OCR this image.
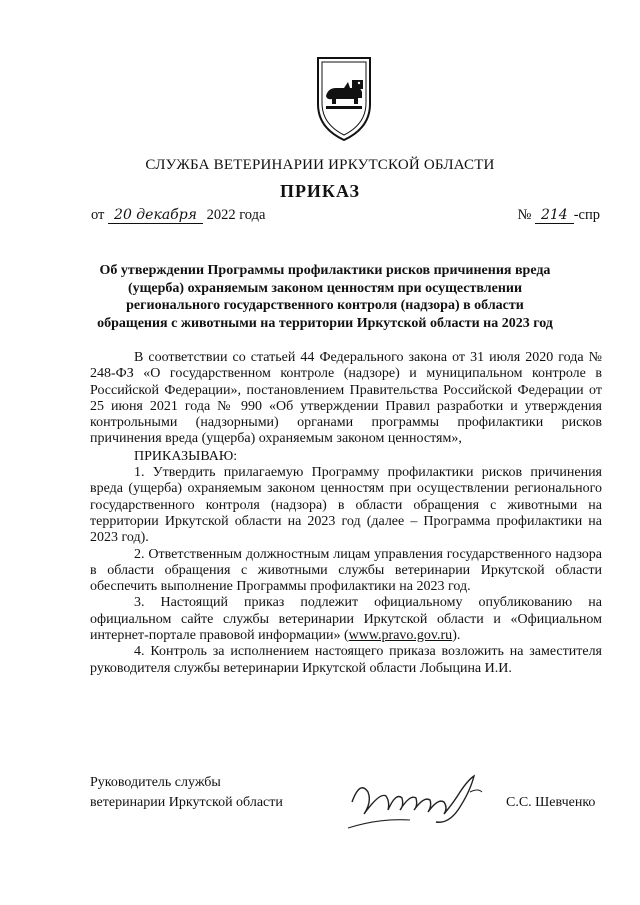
СЛУЖБА ВЕТЕРИНАРИИ ИРКУТСКОЙ ОБЛАСТИ
ПРИКАЗ
от 20 декабря 2022 года	№ 214 -спр
Об утверждении Программы профилактики рисков причинения вреда (ущерба) охраняемым законом ценностям при осуществлении регионального государственного контроля (надзора) в области обращения с животными на территории Иркутской области на 2023 год

В соответствии со статьей 44 Федерального закона от 31 июля 2020 года № 248-ФЗ «О государственном контроле (надзоре) и муниципальном контроле в Российской Федерации», постановлением Правительства Российской Федерации от 25 июня 2021 года № 990 «Об утверждении Правил разработки и утверждения контрольными (надзорными) органами программы профилактики рисков причинения вреда (ущерба) охраняемым законом ценностям»,

ПРИКАЗЫВАЮ:

1. Утвердить прилагаемую Программу профилактики рисков причинения вреда (ущерба) охраняемым законом ценностям при осуществлении регионального государственного контроля (надзора) в области обращения с животными на территории Иркутской области на 2023 год (далее – Программа профилактики на 2023 год).

2. Ответственным должностным лицам управления государственного надзора в области обращения с животными службы ветеринарии Иркутской области обеспечить выполнение Программы профилактики на 2023 год.

3. Настоящий приказ подлежит официальному опубликованию на официальном сайте службы ветеринарии Иркутской области и «Официальном интернет-портале правовой информации» (www.pravo.gov.ru).

4. Контроль за исполнением настоящего приказа возложить на заместителя руководителя службы ветеринарии Иркутской области Лобыцина И.И.

Руководитель службы
ветеринарии Иркутской области	С.С. Шевченко
